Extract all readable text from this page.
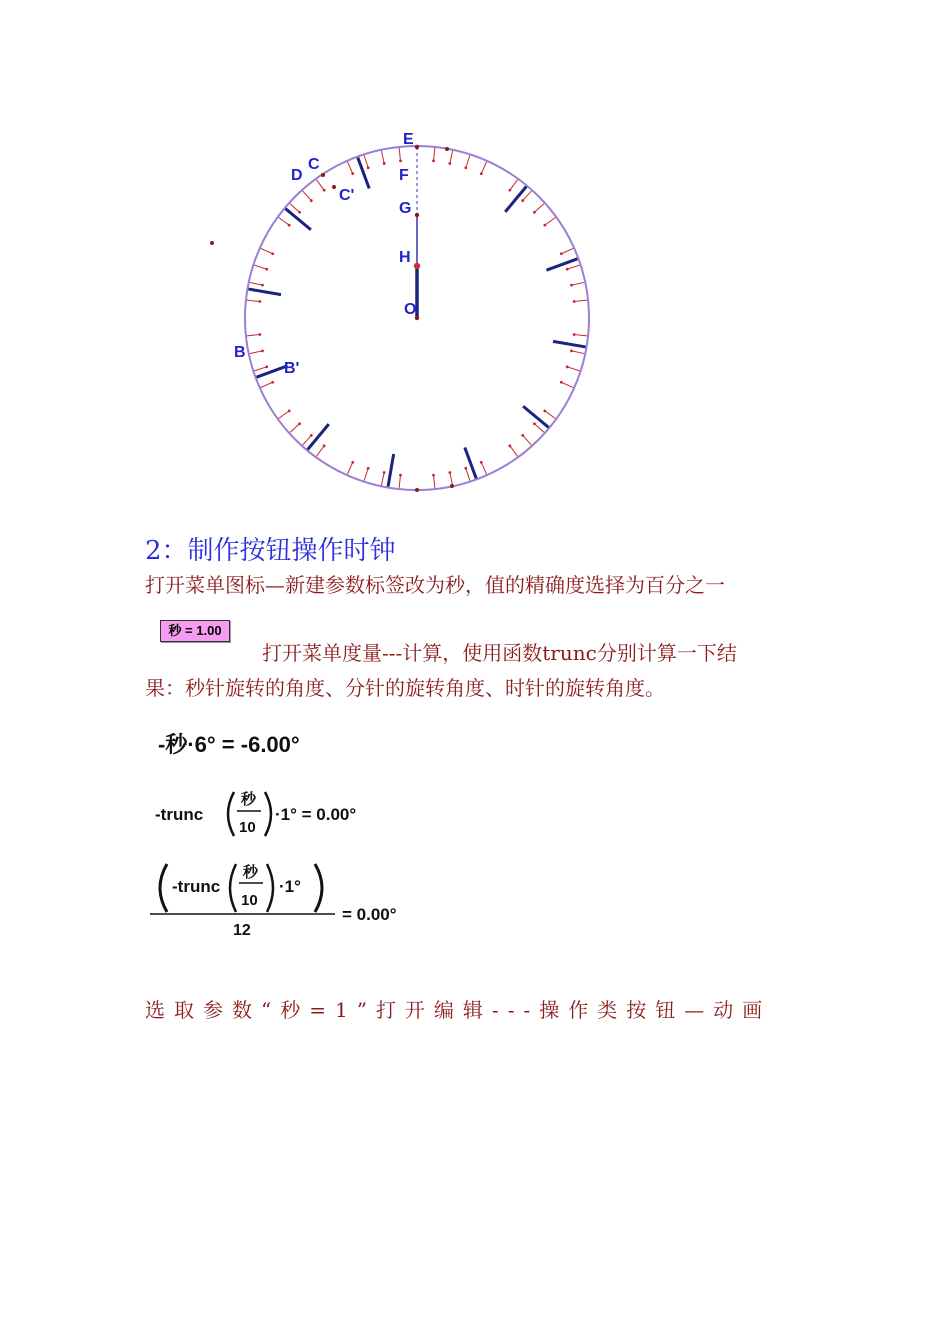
E
F
G
H
O
D
C
C'
B
B'
2：制作按钮操作时钟

打开菜单图标—新建参数标签改为秒，值的精确度选择为百分之一

秒 = 1.00

打开菜单度量---计算，使用函数trunc分别计算一下结

果：秒针旋转的角度、分针的旋转角度、时针的旋转角度。

-秒·6° = -6.00°
-trunc
秒
10
·1° = 0.00°
-trunc
秒
10
·1°
12
= 0.00°

选取参数“秒=1”打开编辑---操作类按钮—动画
